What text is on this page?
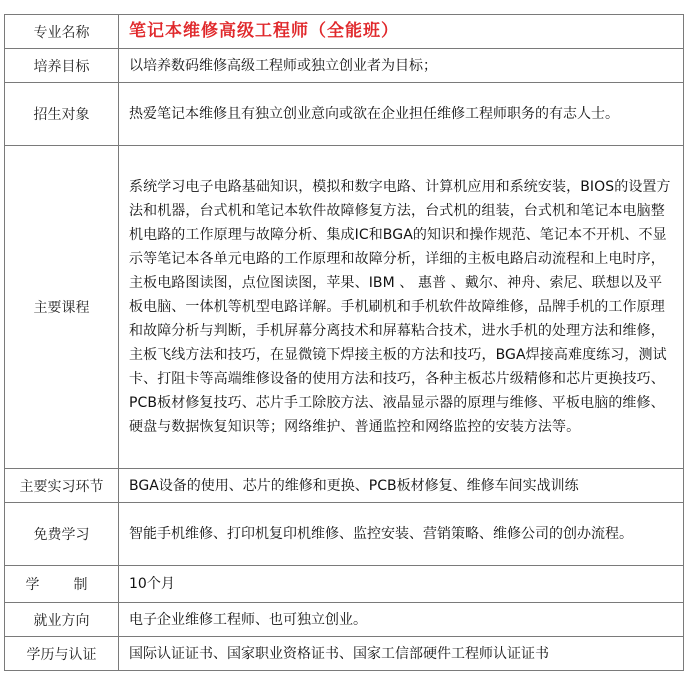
专业名称	笔记本维修高级工程师（全能班）
培养目标	以培养数码维修高级工程师或独立创业者为目标；
招生对象	热爱笔记本维修且有独立创业意向或欲在企业担任维修工程师职务的有志人士。
主要课程	系统学习电子电路基础知识，模拟和数字电路、计算机应用和系统安装，BIOS的设置方法和机器，台式机和笔记本软件故障修复方法，台式机的组装，台式机和笔记本电脑整机电路的工作原理与故障分析、集成IC和BGA的知识和操作规范、笔记本不开机、不显示等笔记本各单元电路的工作原理和故障分析，详细的主板电路启动流程和上电时序，主板电路图读图，点位图读图，苹果、IBM 、 惠普 、戴尔、神舟、索尼、联想以及平板电脑、一体机等机型电路详解。手机刷机和手机软件故障维修，品牌手机的工作原理和故障分析与判断，手机屏幕分离技术和屏幕粘合技术，进水手机的处理方法和维修，主板飞线方法和技巧，在显微镜下焊接主板的方法和技巧，BGA焊接高难度练习，测试卡、打阻卡等高端维修设备的使用方法和技巧，各种主板芯片级精修和芯片更换技巧、PCB板材修复技巧、芯片手工除胶方法、液晶显示器的原理与维修、平板电脑的维修、硬盘与数据恢复知识等；网络维护、普通监控和网络监控的安装方法等。
主要实习环节	BGA设备的使用、芯片的维修和更换、PCB板材修复、维修车间实战训练
免费学习	智能手机维修、打印机复印机维修、监控安装、营销策略、维修公司的创办流程。
学　制	10个月
就业方向	电子企业维修工程师、也可独立创业。
学历与认证	国际认证证书、国家职业资格证书、国家工信部硬件工程师认证证书
